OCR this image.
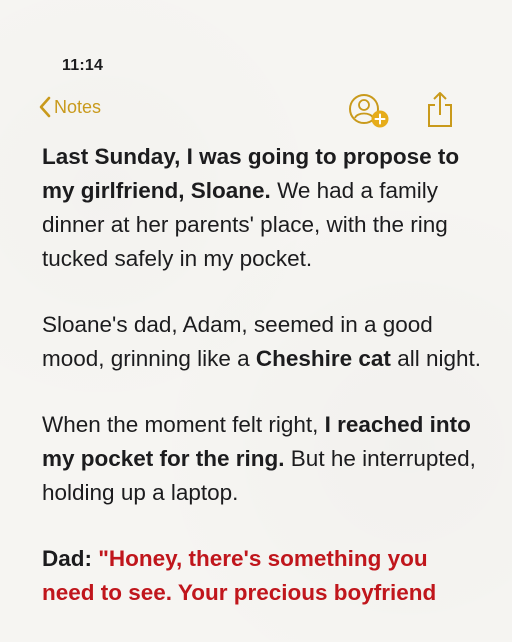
11:14
Notes

Last Sunday, I was going to propose to my girlfriend, Sloane. We had a family dinner at her parents' place, with the ring tucked safely in my pocket.

Sloane's dad, Adam, seemed in a good mood, grinning like a Cheshire cat all night.

When the moment felt right, I reached into my pocket for the ring. But he interrupted, holding up a laptop.

Dad: "Honey, there's something you need to see. Your precious boyfriend
